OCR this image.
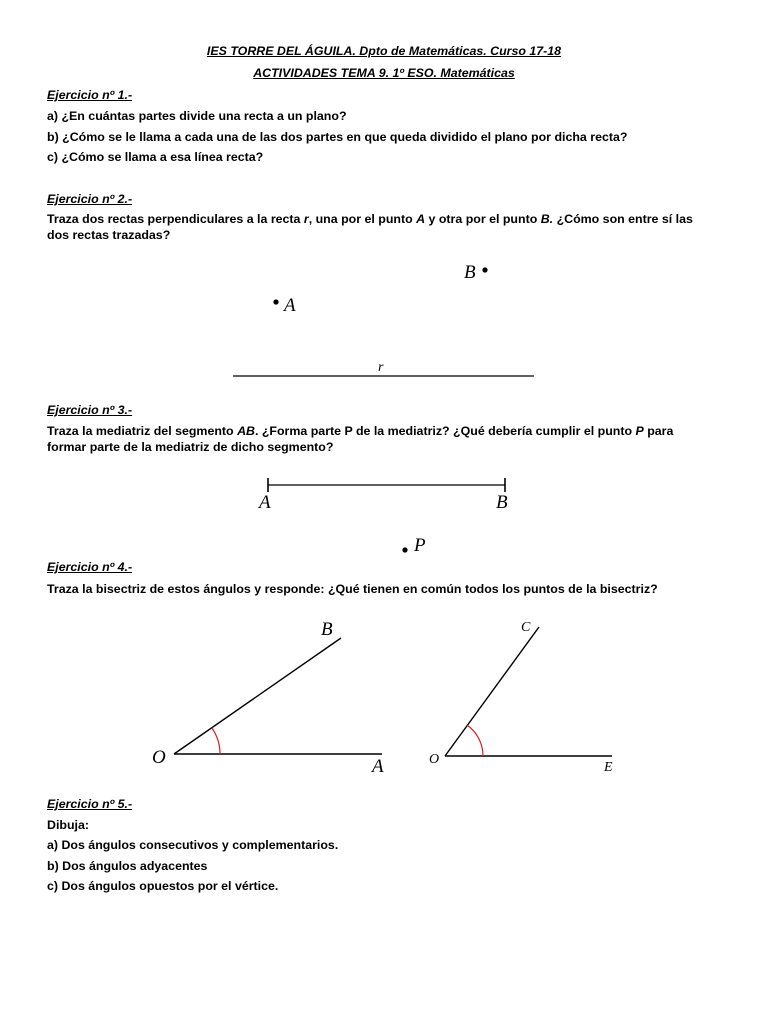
IES TORRE DEL ÁGUILA. Dpto de Matemáticas. Curso 17-18
ACTIVIDADES TEMA 9. 1º ESO. Matemáticas
Ejercicio nº 1.-
a) ¿En cuántas partes divide una recta a un plano?
b) ¿Cómo se le llama a cada una de las dos partes en que queda dividido el plano por dicha recta?
c) ¿Cómo se llama a esa línea recta?
Ejercicio nº 2.-
Traza dos rectas perpendiculares a la recta r, una por el punto A y otra por el punto B. ¿Cómo son entre sí las dos rectas trazadas?
Ejercicio nº 3.-
Traza la mediatriz del segmento AB. ¿Forma parte P de la mediatriz? ¿Qué debería cumplir el punto P para formar parte de la mediatriz de dicho segmento?
Ejercicio nº 4.-
Traza la bisectriz de estos ángulos y responde: ¿Qué tienen en común todos los puntos de la bisectriz?
Ejercicio nº 5.-
Dibuja:
a) Dos ángulos consecutivos y complementarios.
b) Dos ángulos adyacentes
c) Dos ángulos opuestos por el vértice.
B
A
r
A	B
P
B
O	A
C
O
E
